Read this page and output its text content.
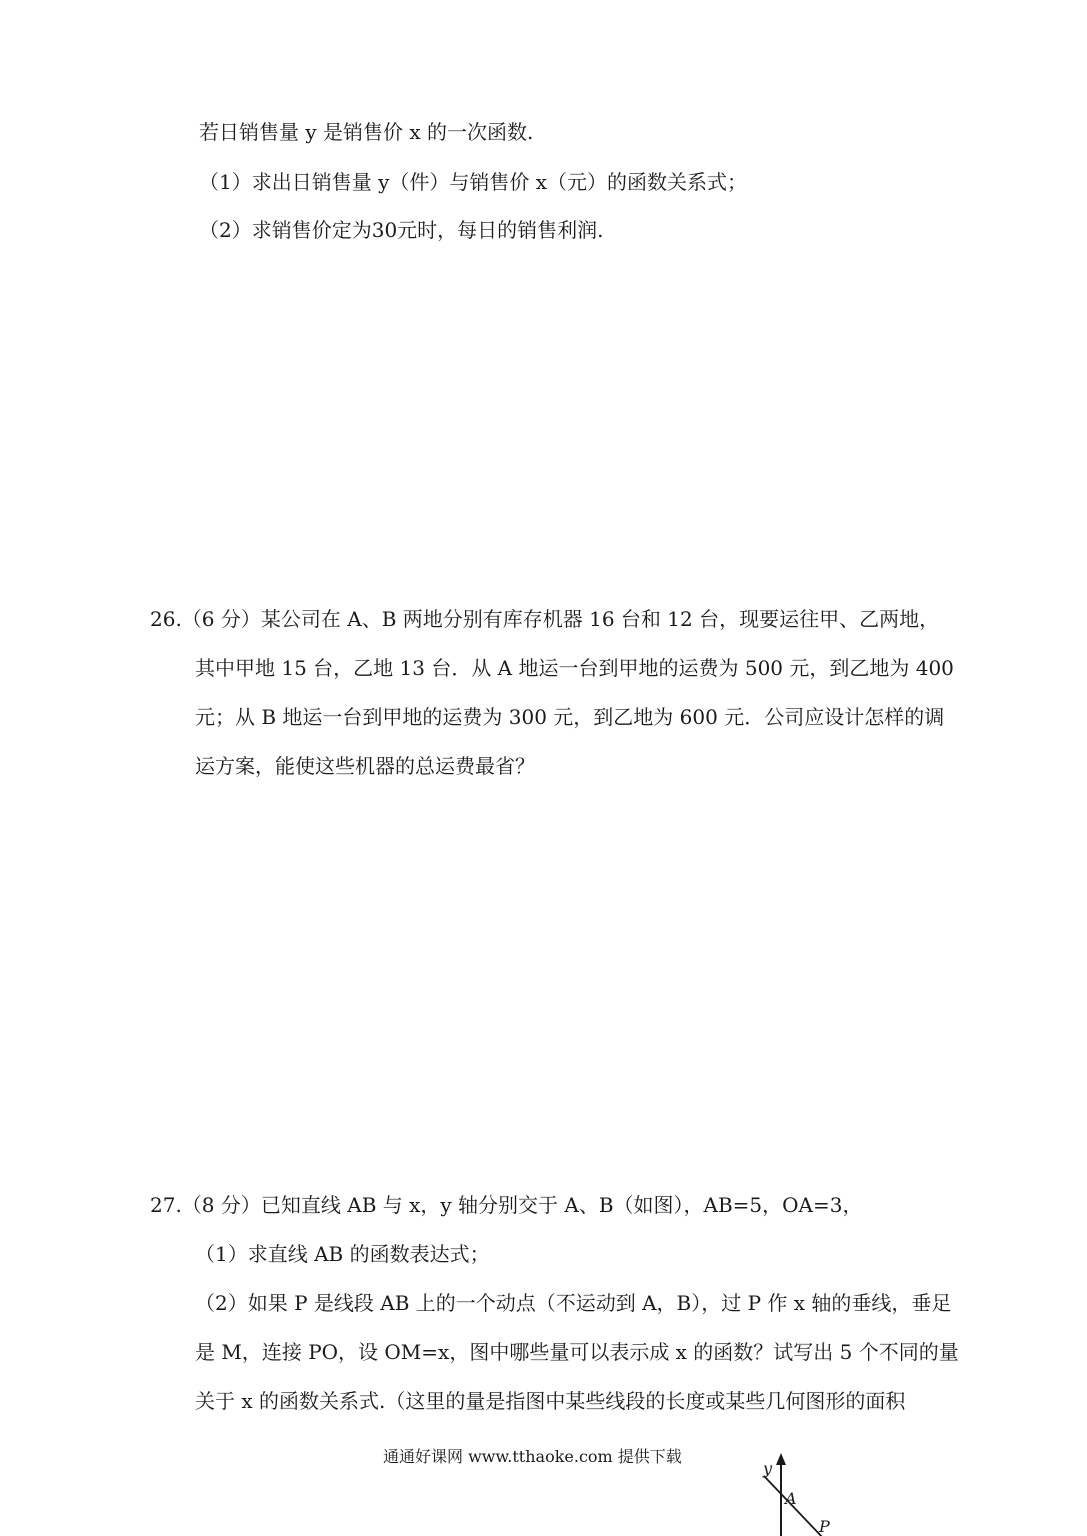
若日销售量 y 是销售价 x 的一次函数.
（1）求出日销售量 y（件）与销售价 x（元）的函数关系式；
（2）求销售价定为30元时，每日的销售利润.
26.（6 分）某公司在 A、B 两地分别有库存机器 16 台和 12 台，现要运往甲、乙两地，
其中甲地 15 台，乙地 13 台．从 A 地运一台到甲地的运费为 500 元，到乙地为 400
元；从 B 地运一台到甲地的运费为 300 元，到乙地为 600 元．公司应设计怎样的调
运方案，能使这些机器的总运费最省？
27.（8 分）已知直线 AB 与 x，y 轴分别交于 A、B（如图），AB=5，OA=3，
（1）求直线 AB 的函数表达式；
（2）如果 P 是线段 AB 上的一个动点（不运动到 A，B），过 P 作 x 轴的垂线，垂足
是 M，连接 PO，设 OM=x，图中哪些量可以表示成 x 的函数？试写出 5 个不同的量
关于 x 的函数关系式.（这里的量是指图中某些线段的长度或某些几何图形的面积
通通好课网 www.tthaoke.com 提供下载
y
A
P
